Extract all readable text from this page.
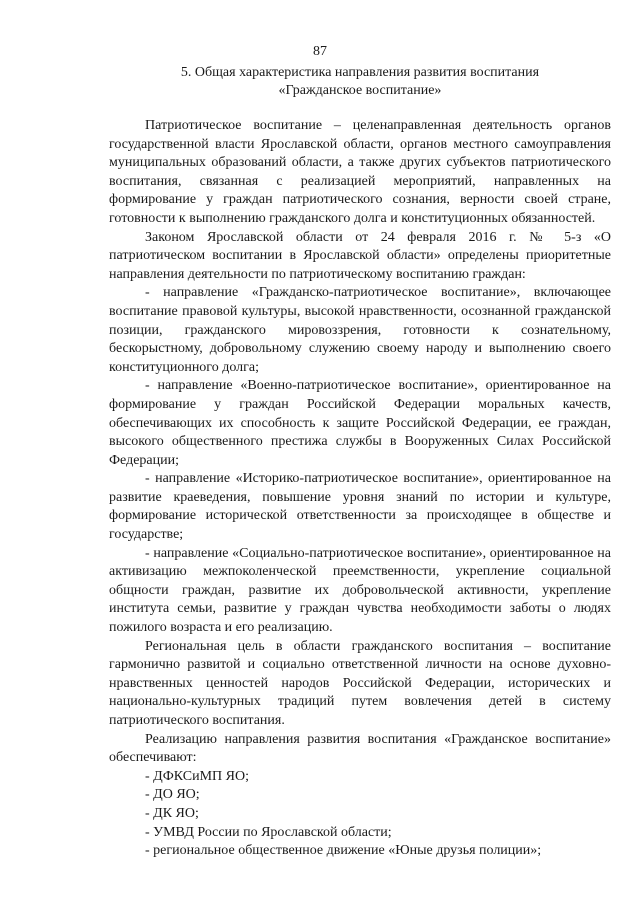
87
5. Общая характеристика направления развития воспитания
«Гражданское воспитание»

Патриотическое воспитание – целенаправленная деятельность органов государственной власти Ярославской области, органов местного самоуправления муниципальных образований области, а также других субъектов патриотического воспитания, связанная с реализацией мероприятий, направленных на формирование у граждан патриотического сознания, верности своей стране, готовности к выполнению гражданского долга и конституционных обязанностей.

Законом Ярославской области от 24 февраля 2016 г. № 5-з «О патриотическом воспитании в Ярославской области» определены приоритетные направления деятельности по патриотическому воспитанию граждан:

- направление «Гражданско-патриотическое воспитание», включающее воспитание правовой культуры, высокой нравственности, осознанной гражданской позиции, гражданского мировоззрения, готовности к сознательному, бескорыстному, добровольному служению своему народу и выполнению своего конституционного долга;

- направление «Военно-патриотическое воспитание», ориентированное на формирование у граждан Российской Федерации моральных качеств, обеспечивающих их способность к защите Российской Федерации, ее граждан, высокого общественного престижа службы в Вооруженных Силах Российской Федерации;

- направление «Историко-патриотическое воспитание», ориентированное на развитие краеведения, повышение уровня знаний по истории и культуре, формирование исторической ответственности за происходящее в обществе и государстве;

- направление «Социально-патриотическое воспитание», ориентированное на активизацию межпоколенческой преемственности, укрепление социальной общности граждан, развитие их добровольческой активности, укрепление института семьи, развитие у граждан чувства необходимости заботы о людях пожилого возраста и его реализацию.

Региональная цель в области гражданского воспитания – воспитание гармонично развитой и социально ответственной личности на основе духовно-нравственных ценностей народов Российской Федерации, исторических и национально-культурных традиций путем вовлечения детей в систему патриотического воспитания.

Реализацию направления развития воспитания «Гражданское воспитание» обеспечивают:

- ДФКСиМП ЯО;

- ДО ЯО;

- ДК ЯО;

- УМВД России по Ярославской области;

- региональное общественное движение «Юные друзья полиции»;
